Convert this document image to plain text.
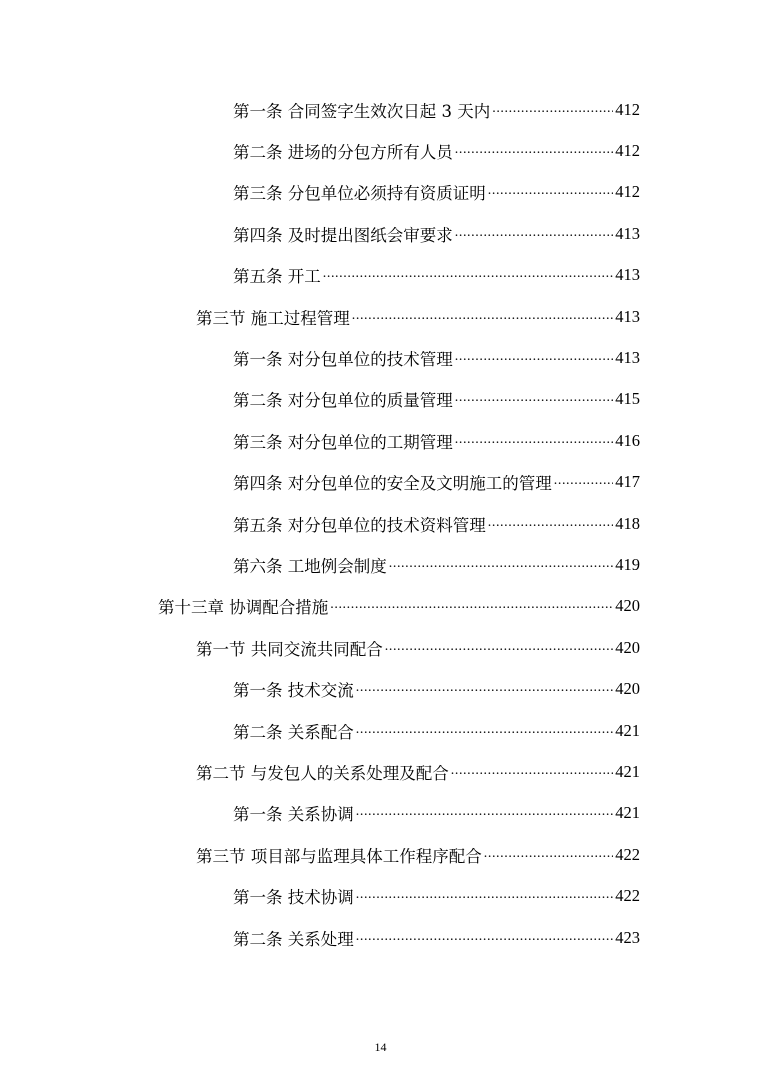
第一条 合同签字生效次日起 3 天内 .....	412
第二条 进场的分包方所有人员 .....	412
第三条 分包单位必须持有资质证明 .....	412
第四条 及时提出图纸会审要求 .....	413
第五条 开工 .....	413
第三节 施工过程管理 .....	413
第一条 对分包单位的技术管理 .....	413
第二条 对分包单位的质量管理 .....	415
第三条 对分包单位的工期管理 .....	416
第四条 对分包单位的安全及文明施工的管理 .....	417
第五条 对分包单位的技术资料管理 .....	418
第六条 工地例会制度 .....	419
第十三章 协调配合措施 .....	420
第一节 共同交流共同配合 .....	420
第一条 技术交流 .....	420
第二条 关系配合 .....	421
第二节 与发包人的关系处理及配合 .....	421
第一条 关系协调 .....	421
第三节 项目部与监理具体工作程序配合 .....	422
第一条 技术协调 .....	422
第二条 关系处理 .....	423
14
